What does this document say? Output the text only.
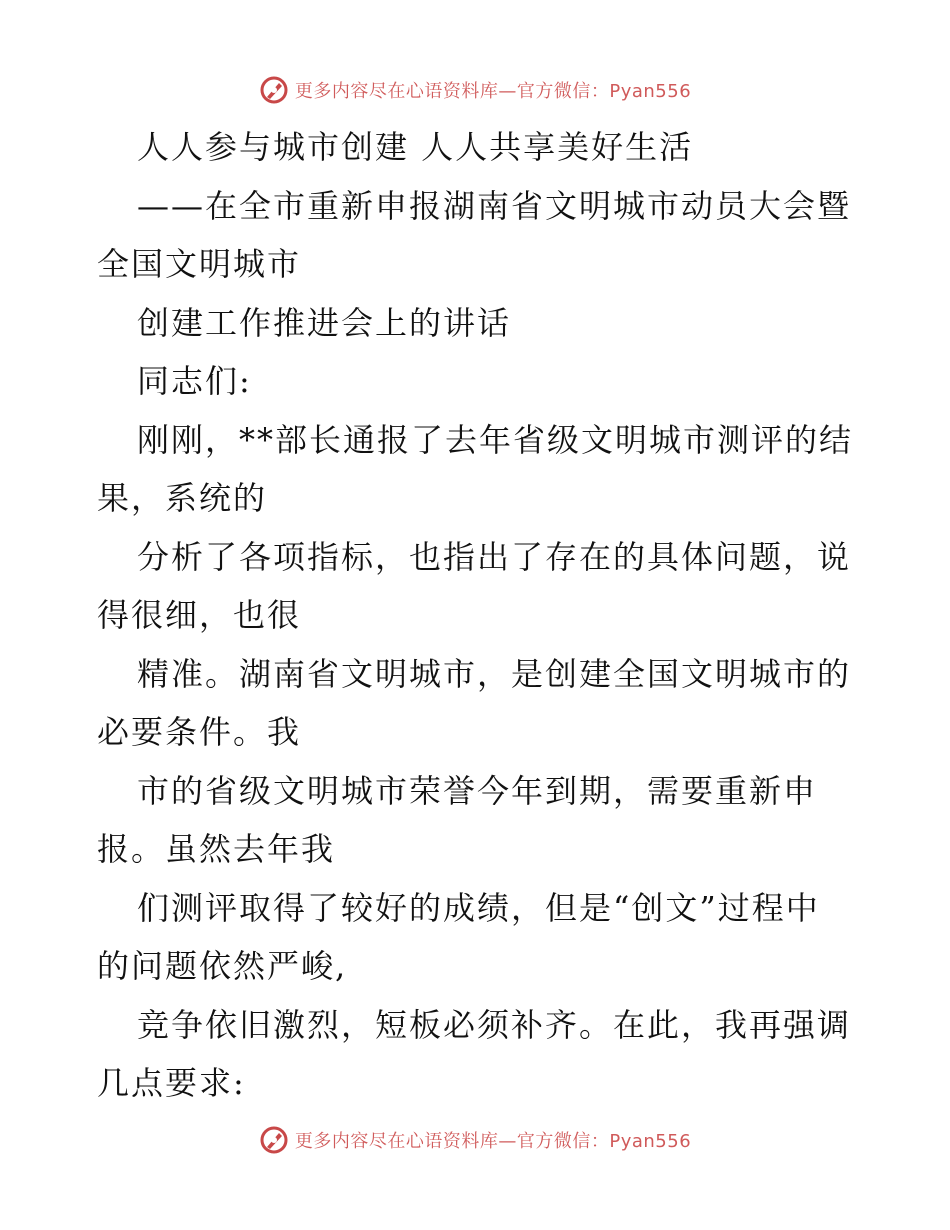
更多内容尽在心语资料库—官方微信：Pyan556
人人参与城市创建 人人共享美好生活
——在全市重新申报湖南省文明城市动员大会暨
全国文明城市
创建工作推进会上的讲话
同志们:
刚刚，**部长通报了去年省级文明城市测评的结
果，系统的
分析了各项指标，也指出了存在的具体问题，说
得很细，也很
精准。湖南省文明城市，是创建全国文明城市的
必要条件。我
市的省级文明城市荣誉今年到期，需要重新申
报。虽然去年我
们测评取得了较好的成绩，但是“创文”过程中
的问题依然严峻,
竞争依旧激烈，短板必须补齐。在此，我再强调
几点要求:
更多内容尽在心语资料库—官方微信：Pyan556
